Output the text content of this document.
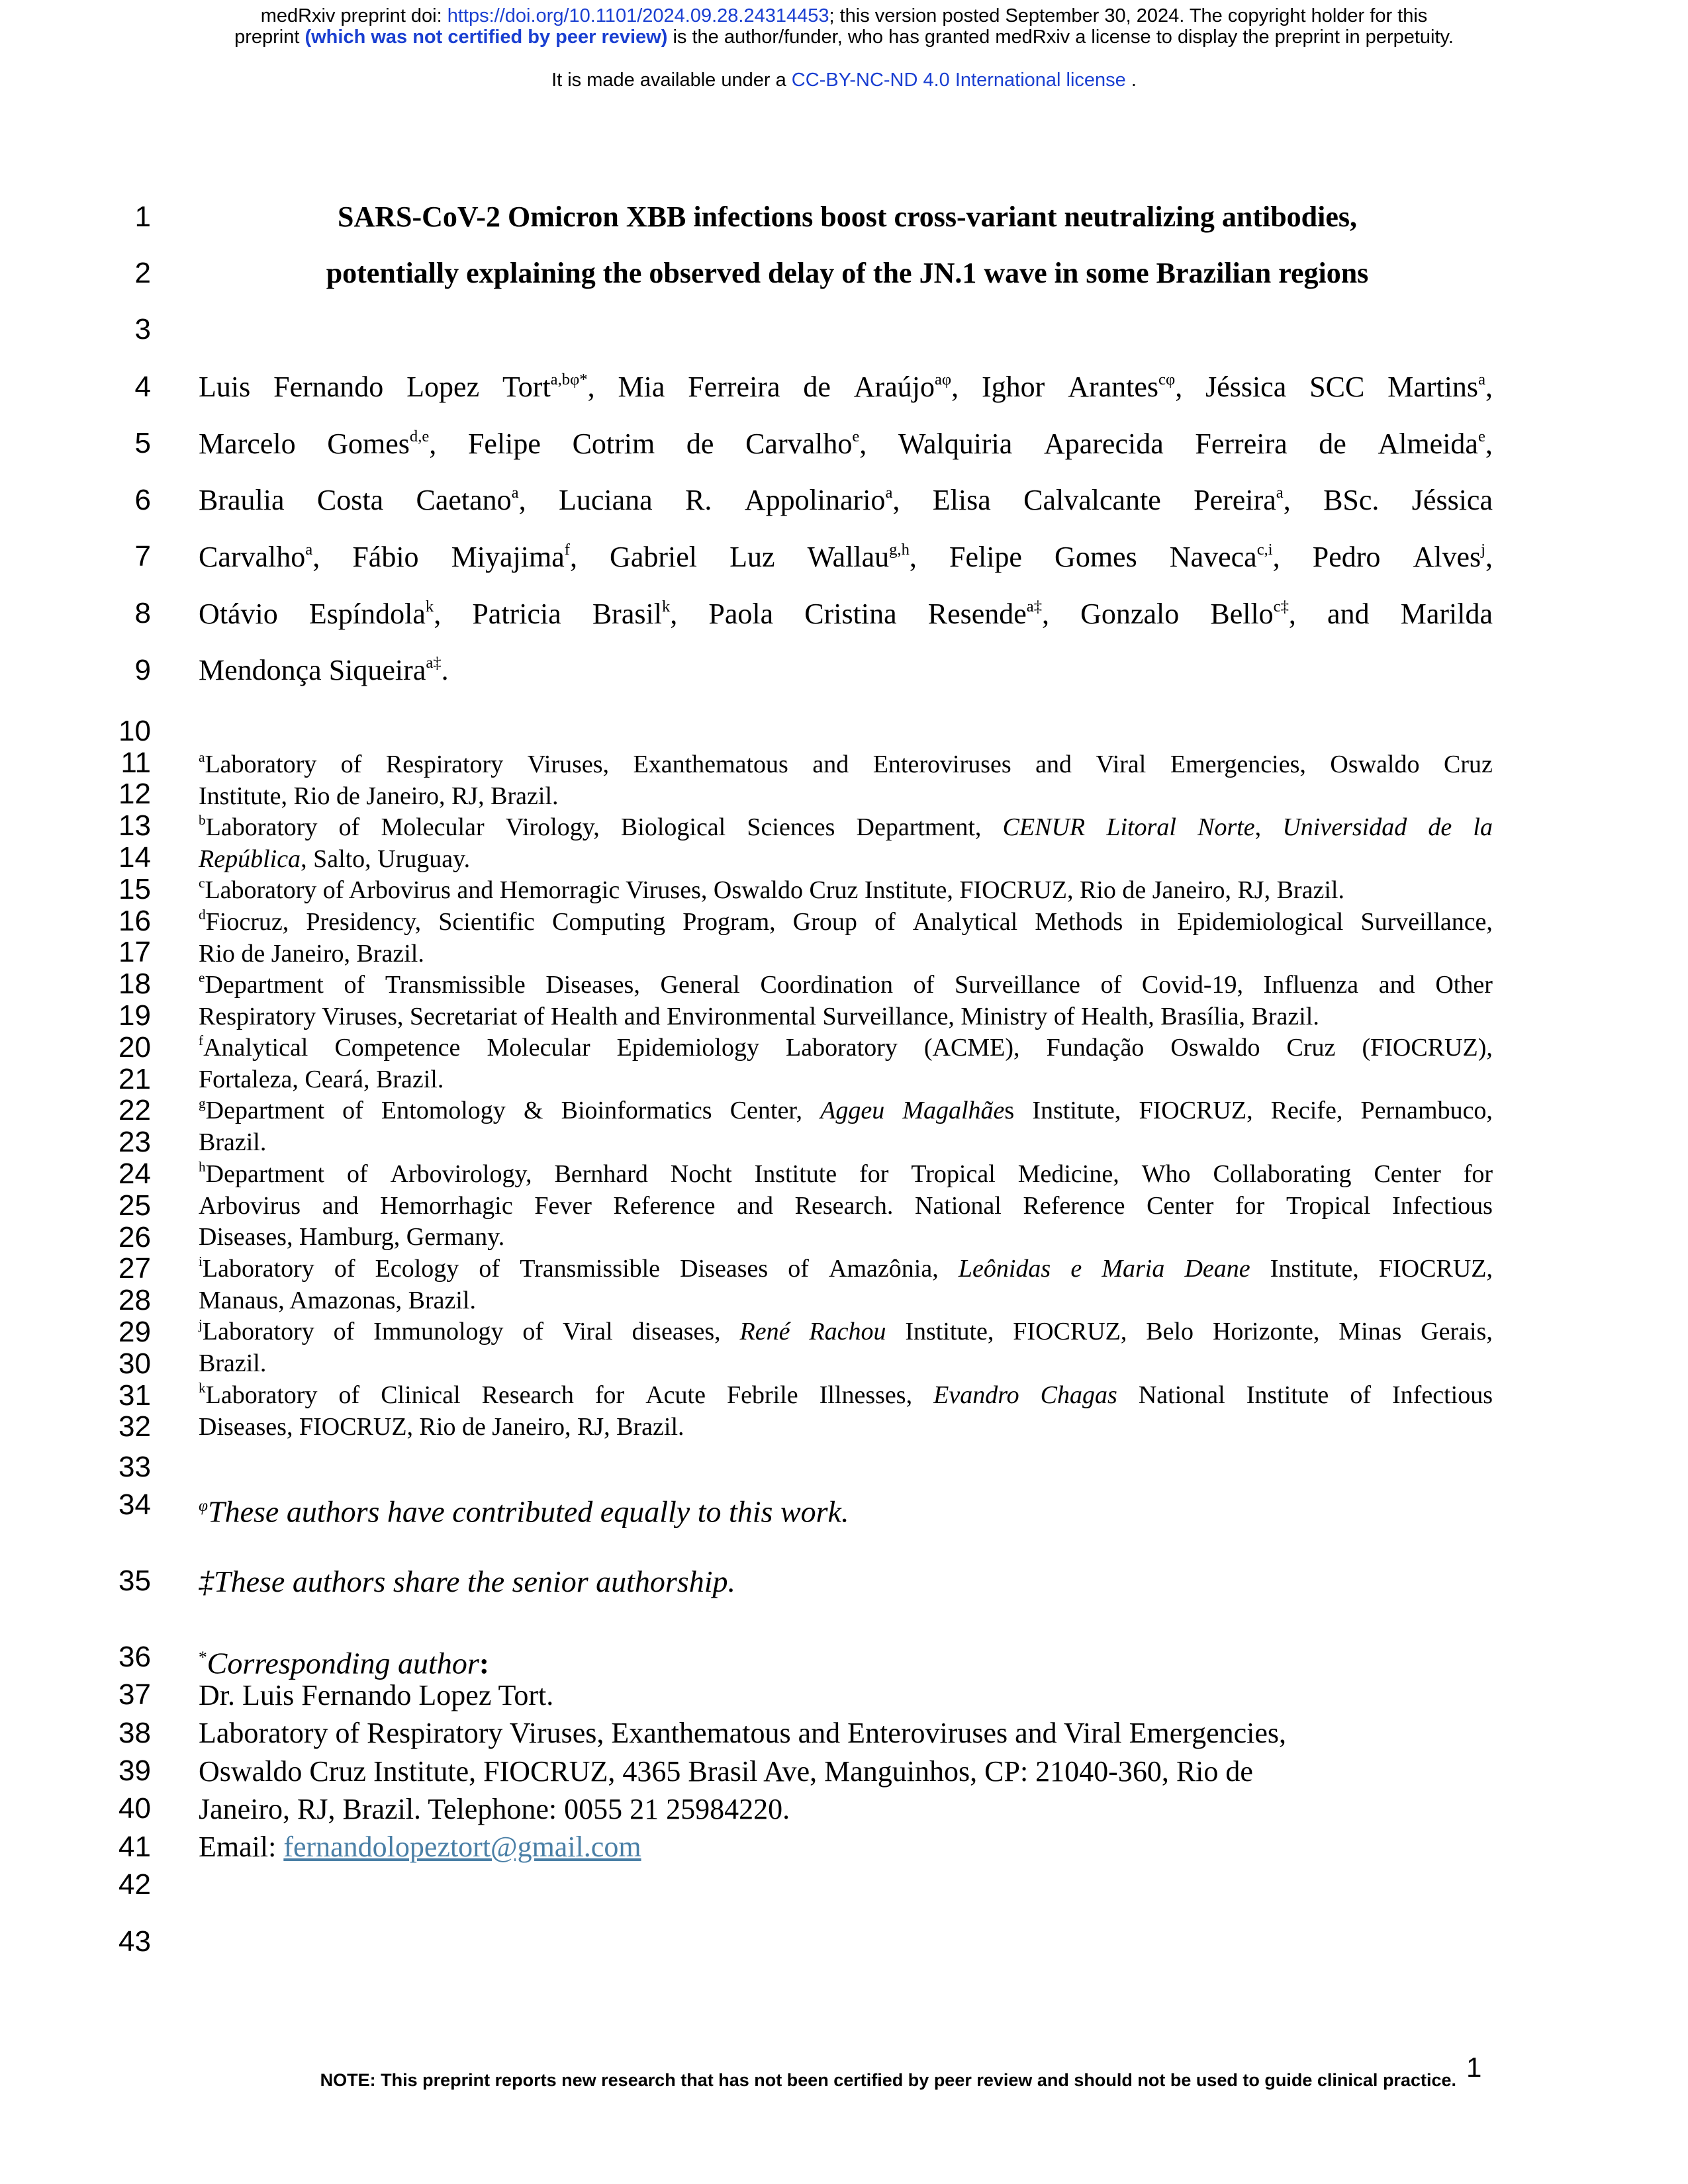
medRxiv preprint doi: https://doi.org/10.1101/2024.09.28.24314453; this version posted September 30, 2024. The copyright holder for this
preprint (which was not certified by peer review) is the author/funder, who has granted medRxiv a license to display the preprint in perpetuity.
It is made available under a CC-BY-NC-ND 4.0 International license .
1
2
3
4
5
6
7
8
9
10
11
12
13
14
15
16
17
18
19
20
21
22
23
24
25
26
27
28
29
30
31
32
33
34
35
36
37
38
39
40
41
42
43
SARS-CoV-2 Omicron XBB infections boost cross-variant neutralizing antibodies,
potentially explaining the observed delay of the JN.1 wave in some Brazilian regions
Luis Fernando Lopez Tort$^{a,b\varphi*}$, Mia Ferreira de Araújo$^{a\varphi}$, Ighor Arantes$^{c\varphi}$, Jéssica SCC Martins$^a$,
Marcelo Gomes$^{d,e}$, Felipe Cotrim de Carvalho$^e$, Walquiria Aparecida Ferreira de Almeida$^e$,
Braulia Costa Caetano$^a$, Luciana R. Appolinario$^a$, Elisa Calvalcante Pereira$^a$, BSc. Jéssica
Carvalho$^a$, Fábio Miyajima$^f$, Gabriel Luz Wallau$^{g,h}$, Felipe Gomes Naveca$^{c,i}$, Pedro Alves$^j$,
Otávio Espíndola$^k$, Patricia Brasil$^k$, Paola Cristina Resende$^{a\ddagger}$, Gonzalo Bello$^{c\ddagger}$, and Marilda
Mendonça Siqueira$^{a\ddagger}$.
$^a$Laboratory of Respiratory Viruses, Exanthematous and Enteroviruses and Viral Emergencies, Oswaldo Cruz
Institute, Rio de Janeiro, RJ, Brazil.
$^b$Laboratory of Molecular Virology, Biological Sciences Department, CENUR Litoral Norte, Universidad de la
República, Salto, Uruguay.
$^c$Laboratory of Arbovirus and Hemorragic Viruses, Oswaldo Cruz Institute, FIOCRUZ, Rio de Janeiro, RJ, Brazil.
$^d$Fiocruz, Presidency, Scientific Computing Program, Group of Analytical Methods in Epidemiological Surveillance,
Rio de Janeiro, Brazil.
$^e$Department of Transmissible Diseases, General Coordination of Surveillance of Covid-19, Influenza and Other
Respiratory Viruses, Secretariat of Health and Environmental Surveillance, Ministry of Health, Brasília, Brazil.
$^f$Analytical Competence Molecular Epidemiology Laboratory (ACME), Fundação Oswaldo Cruz (FIOCRUZ),
Fortaleza, Ceará, Brazil.
$^g$Department of Entomology & Bioinformatics Center, Aggeu Magalhães Institute, FIOCRUZ, Recife, Pernambuco,
Brazil.
$^h$Department of Arbovirology, Bernhard Nocht Institute for Tropical Medicine, Who Collaborating Center for
Arbovirus and Hemorrhagic Fever Reference and Research. National Reference Center for Tropical Infectious
Diseases, Hamburg, Germany.
$^i$Laboratory of Ecology of Transmissible Diseases of Amazônia, Leônidas e Maria Deane Institute, FIOCRUZ,
Manaus, Amazonas, Brazil.
$^j$Laboratory of Immunology of Viral diseases, René Rachou Institute, FIOCRUZ, Belo Horizonte, Minas Gerais,
Brazil.
$^k$Laboratory of Clinical Research for Acute Febrile Illnesses, Evandro Chagas National Institute of Infectious
Diseases, FIOCRUZ, Rio de Janeiro, RJ, Brazil.
$^\varphi$These authors have contributed equally to this work.
‡These authors share the senior authorship.
*Corresponding author:
Dr. Luis Fernando Lopez Tort.
Laboratory of Respiratory Viruses, Exanthematous and Enteroviruses and Viral Emergencies,
Oswaldo Cruz Institute, FIOCRUZ, 4365 Brasil Ave, Manguinhos, CP: 21040-360, Rio de
Janeiro, RJ, Brazil. Telephone: 0055 21 25984220.
Email: fernandolopeztort@gmail.com
NOTE: This preprint reports new research that has not been certified by peer review and should not be used to guide clinical practice. 1
